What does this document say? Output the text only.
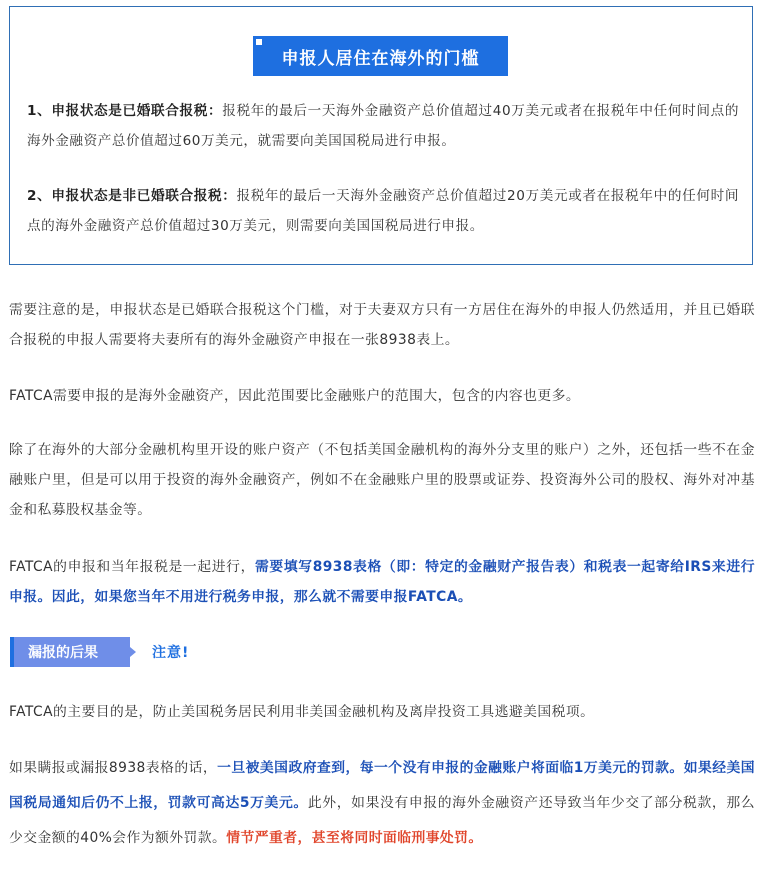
申报人居住在海外的门槛
1、申报状态是已婚联合报税：报税年的最后一天海外金融资产总价值超过40万美元或者在报税年中任何时间点的海外金融资产总价值超过60万美元，就需要向美国国税局进行申报。
2、申报状态是非已婚联合报税：报税年的最后一天海外金融资产总价值超过20万美元或者在报税年中的任何时间点的海外金融资产总价值超过30万美元，则需要向美国国税局进行申报。
需要注意的是，申报状态是已婚联合报税这个门槛，对于夫妻双方只有一方居住在海外的申报人仍然适用，并且已婚联合报税的申报人需要将夫妻所有的海外金融资产申报在一张8938表上。
FATCA需要申报的是海外金融资产，因此范围要比金融账户的范围大，包含的内容也更多。
除了在海外的大部分金融机构里开设的账户资产（不包括美国金融机构的海外分支里的账户）之外，还包括一些不在金融账户里，但是可以用于投资的海外金融资产，例如不在金融账户里的股票或证券、投资海外公司的股权、海外对冲基金和私募股权基金等。
FATCA的申报和当年报税是一起进行，需要填写8938表格（即：特定的金融财产报告表）和税表一起寄给IRS来进行申报。因此，如果您当年不用进行税务申报，那么就不需要申报FATCA。
漏报的后果	注意!
FATCA的主要目的是，防止美国税务居民利用非美国金融机构及离岸投资工具逃避美国税项。
如果瞒报或漏报8938表格的话，一旦被美国政府查到，每一个没有申报的金融账户将面临1万美元的罚款。如果经美国国税局通知后仍不上报，罚款可高达5万美元。此外，如果没有申报的海外金融资产还导致当年少交了部分税款，那么少交金额的40%会作为额外罚款。情节严重者，甚至将同时面临刑事处罚。
